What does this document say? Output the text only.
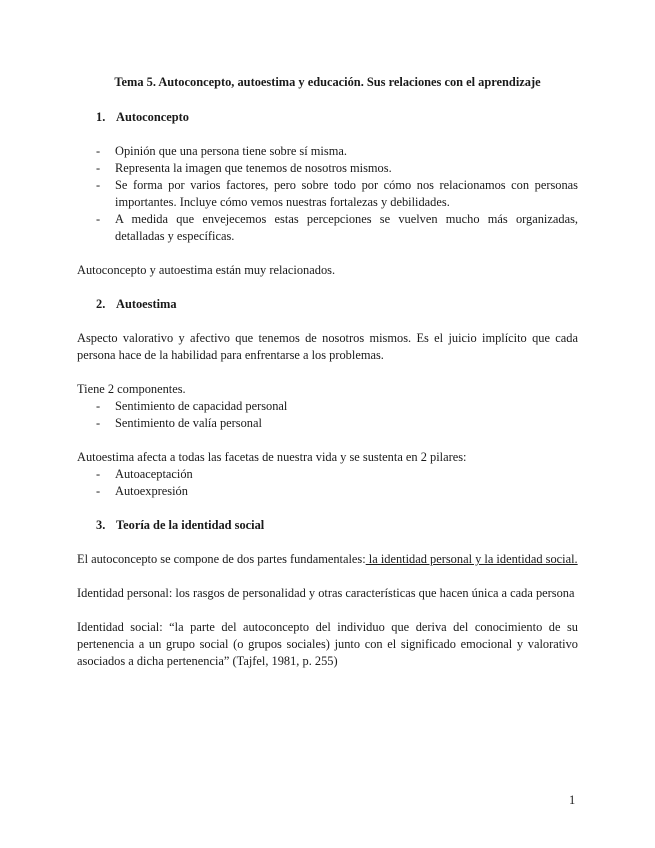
Tema 5. Autoconcepto, autoestima y educación. Sus relaciones con el aprendizaje
1. Autoconcepto
- Opinión que una persona tiene sobre sí misma.
- Representa la imagen que tenemos de nosotros mismos.
- Se forma por varios factores, pero sobre todo por cómo nos relacionamos con personas importantes. Incluye cómo vemos nuestras fortalezas y debilidades.
- A medida que envejecemos estas percepciones se vuelven mucho más organizadas, detalladas y específicas.

Autoconcepto y autoestima están muy relacionados.

2. Autoestima

Aspecto valorativo y afectivo que tenemos de nosotros mismos. Es el juicio implícito que cada persona hace de la habilidad para enfrentarse a los problemas.

Tiene 2 componentes.

- Sentimiento de capacidad personal
- Sentimiento de valía personal

Autoestima afecta a todas las facetas de nuestra vida y se sustenta en 2 pilares:

- Autoaceptación
- Autoexpresión
3. Teoría de la identidad social

El autoconcepto se compone de dos partes fundamentales: la identidad personal y la identidad social.

Identidad personal: los rasgos de personalidad y otras características que hacen única a cada persona

Identidad social: “la parte del autoconcepto del individuo que deriva del conocimiento de su pertenencia a un grupo social (o grupos sociales) junto con el significado emocional y valorativo asociados a dicha pertenencia” (Tajfel, 1981, p. 255)

1
